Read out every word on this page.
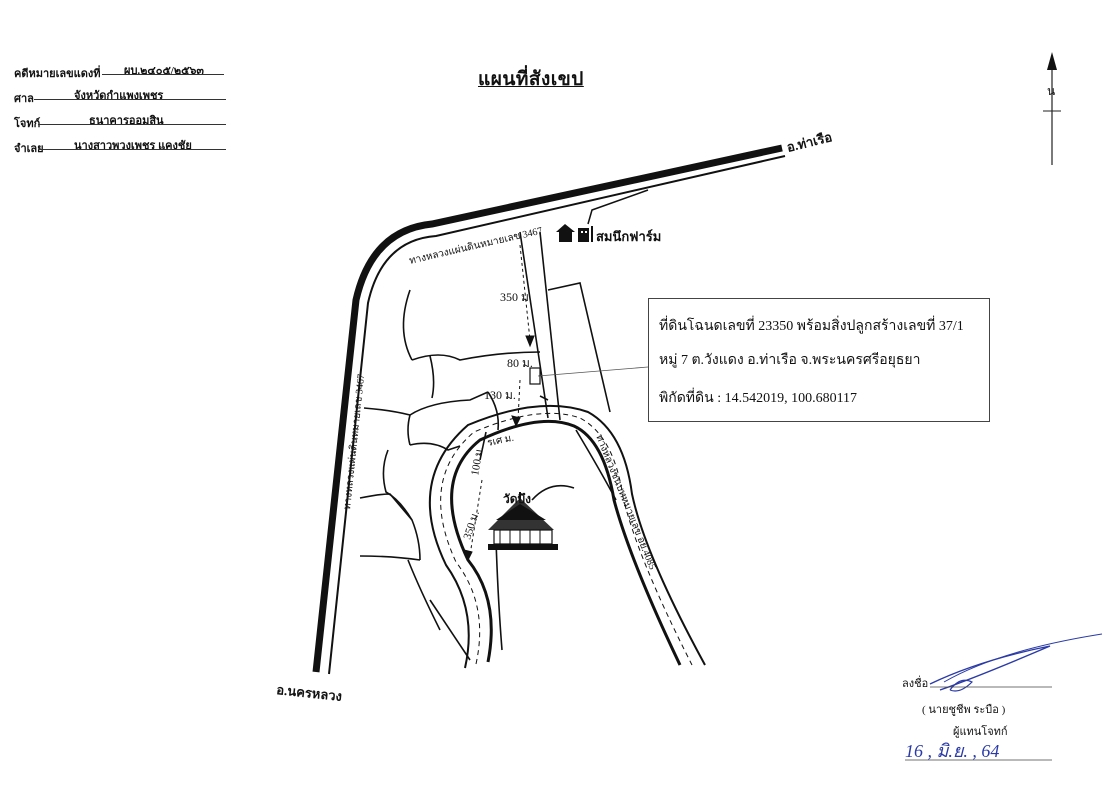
คดีหมายเลขแดงที่ ผบ.๒๔๐๕/๒๕๖๓
ศาล	จังหวัดกำแพงเพชร
โจทก์	ธนาคารออมสิน
จำเลย	นางสาวพวงเพชร แคงชัย
แผนที่สังเขป
น
อ.ท่าเรือ
อ.นครหลวง
ทางหลวงแผ่นดินหมายเลข 3467
ทางหลวงแผ่นดินหมายเลข 3467	ทางหลวงชนบทหมายเลข อย.4085
สมนึกฟาร์ม
วัดบึง
350 ม.
80 ม.
130 ม.
100 ม.
350 ม.
รเศ ม.
ที่ดินโฉนดเลขที่ 23350 พร้อมสิ่งปลูกสร้างเลขที่ 37/1
หมู่ 7 ต.วังแดง อ.ท่าเรือ จ.พระนครศรีอยุธยา
พิกัดที่ดิน : 14.542019, 100.680117
ลงชื่อ
( นายชูชีพ ระบือ )
ผู้แทนโจทก์
16 , มิ.ย. , 64
